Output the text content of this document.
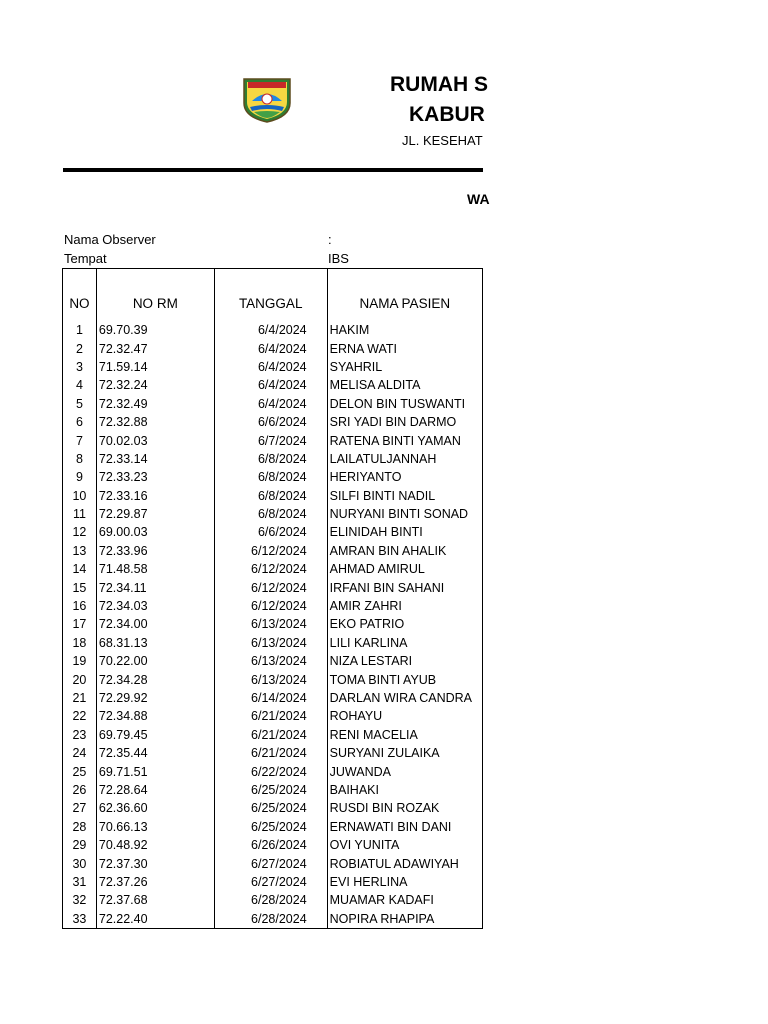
RUMAH S
KABUR
JL. KESEHAT
WA
Nama Observer	:
Tempat	IBS
NO	NO RM	TANGGAL	NAMA PASIEN
1	69.70.39	6/4/2024	HAKIM
2	72.32.47	6/4/2024	ERNA WATI
3	71.59.14	6/4/2024	SYAHRIL
4	72.32.24	6/4/2024	MELISA ALDITA
5	72.32.49	6/4/2024	DELON BIN TUSWANTI
6	72.32.88	6/6/2024	SRI YADI BIN DARMO
7	70.02.03	6/7/2024	RATENA BINTI YAMAN
8	72.33.14	6/8/2024	LAILATULJANNAH
9	72.33.23	6/8/2024	HERIYANTO
10	72.33.16	6/8/2024	SILFI BINTI NADIL
11	72.29.87	6/8/2024	NURYANI BINTI SONAD
12	69.00.03	6/6/2024	ELINIDAH BINTI
13	72.33.96	6/12/2024	AMRAN BIN AHALIK
14	71.48.58	6/12/2024	AHMAD AMIRUL
15	72.34.11	6/12/2024	IRFANI BIN SAHANI
16	72.34.03	6/12/2024	AMIR ZAHRI
17	72.34.00	6/13/2024	EKO PATRIO
18	68.31.13	6/13/2024	LILI KARLINA
19	70.22.00	6/13/2024	NIZA LESTARI
20	72.34.28	6/13/2024	TOMA BINTI AYUB
21	72.29.92	6/14/2024	DARLAN WIRA CANDRA
22	72.34.88	6/21/2024	ROHAYU
23	69.79.45	6/21/2024	RENI MACELIA
24	72.35.44	6/21/2024	SURYANI ZULAIKA
25	69.71.51	6/22/2024	JUWANDA
26	72.28.64	6/25/2024	BAIHAKI
27	62.36.60	6/25/2024	RUSDI BIN ROZAK
28	70.66.13	6/25/2024	ERNAWATI BIN DANI
29	70.48.92	6/26/2024	OVI YUNITA
30	72.37.30	6/27/2024	ROBIATUL ADAWIYAH
31	72.37.26	6/27/2024	EVI HERLINA
32	72.37.68	6/28/2024	MUAMAR KADAFI
33	72.22.40	6/28/2024	NOPIRA RHAPIPA
